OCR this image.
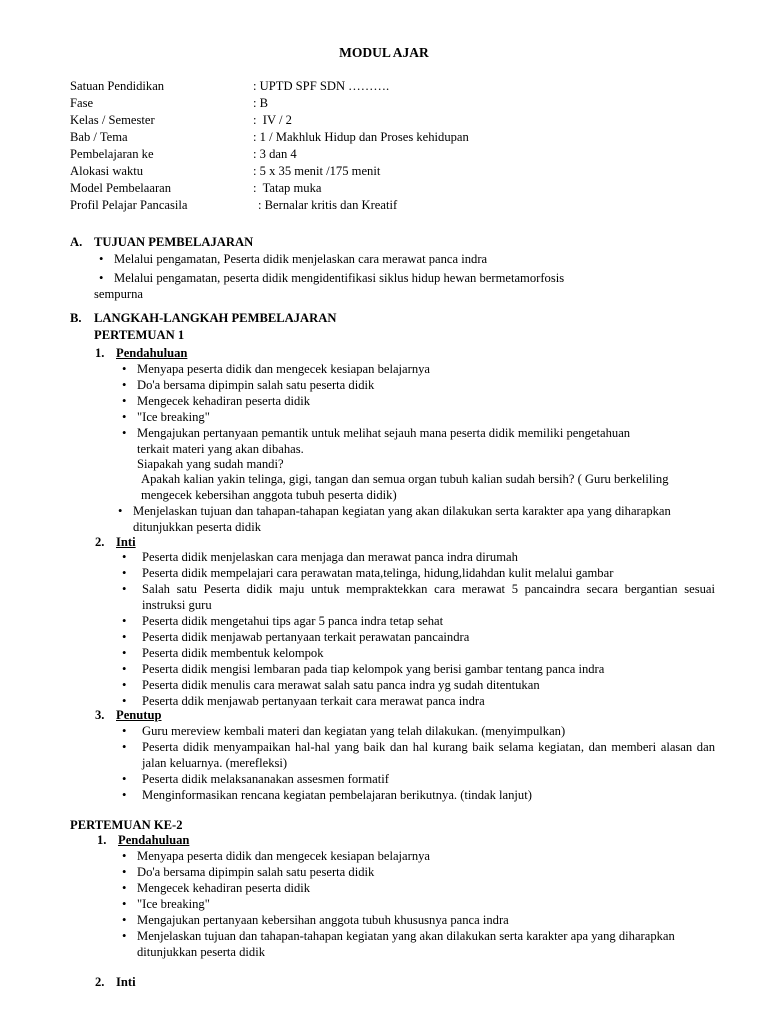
MODUL AJAR
Satuan Pendidikan	: UPTD SPF SDN ……….
Fase	: B
Kelas / Semester	:  IV / 2
Bab / Tema	: 1 / Makhluk Hidup dan Proses kehidupan
Pembelajaran ke	: 3 dan 4
Alokasi waktu	: 5 x 35 menit /175 menit
Model Pembelaaran	:  Tatap muka
Profil Pelajar Pancasila	: Bernalar kritis dan Kreatif
A. TUJUAN PEMBELAJARAN
• Melalui pengamatan, Peserta didik menjelaskan cara merawat panca indra
• Melalui pengamatan, peserta didik mengidentifikasi siklus hidup hewan bermetamorfosis
sempurna
B. LANGKAH-LANGKAH PEMBELAJARAN
PERTEMUAN 1
1. Pendahuluan
• Menyapa peserta didik dan mengecek kesiapan belajarnya
• Do'a bersama dipimpin salah satu peserta didik
• Mengecek kehadiran peserta didik
• "Ice breaking"
• Mengajukan pertanyaan pemantik untuk melihat sejauh mana peserta didik memiliki pengetahuan terkait materi yang akan dibahas.
Siapakah yang sudah mandi?
Apakah kalian yakin telinga, gigi, tangan dan semua organ tubuh kalian sudah bersih? ( Guru berkeliling mengecek kebersihan anggota tubuh peserta didik)
• Menjelaskan tujuan dan tahapan-tahapan kegiatan yang akan dilakukan serta karakter apa yang diharapkan ditunjukkan peserta didik
2. Inti
• Peserta didik menjelaskan cara menjaga dan merawat panca indra dirumah
• Peserta didik mempelajari cara perawatan mata,telinga, hidung,lidahdan kulit melalui gambar
• Salah satu Peserta didik maju untuk mempraktekkan cara merawat 5 pancaindra secara bergantian sesuai instruksi guru
• Peserta didik mengetahui tips agar 5 panca indra tetap sehat
• Peserta didik menjawab pertanyaan terkait perawatan pancaindra
• Peserta didik membentuk kelompok
• Peserta didik mengisi lembaran pada tiap kelompok yang berisi gambar tentang panca indra
• Peserta didik menulis cara merawat salah satu panca indra yg sudah ditentukan
• Peserta ddik menjawab pertanyaan terkait cara merawat panca indra
3. Penutup
• Guru mereview kembali materi dan kegiatan yang telah dilakukan. (menyimpulkan)
• Peserta didik menyampaikan hal-hal yang baik dan hal kurang baik selama kegiatan, dan memberi alasan dan jalan keluarnya. (merefleksi)
• Peserta didik melaksananakan assesmen formatif
• Menginformasikan rencana kegiatan pembelajaran berikutnya. (tindak lanjut)
PERTEMUAN KE-2
1. Pendahuluan
• Menyapa peserta didik dan mengecek kesiapan belajarnya
• Do'a bersama dipimpin salah satu peserta didik
• Mengecek kehadiran peserta didik
• "Ice breaking"
• Mengajukan pertanyaan kebersihan anggota tubuh khususnya panca indra
• Menjelaskan tujuan dan tahapan-tahapan kegiatan yang akan dilakukan serta karakter apa yang diharapkan ditunjukkan peserta didik
2. Inti
